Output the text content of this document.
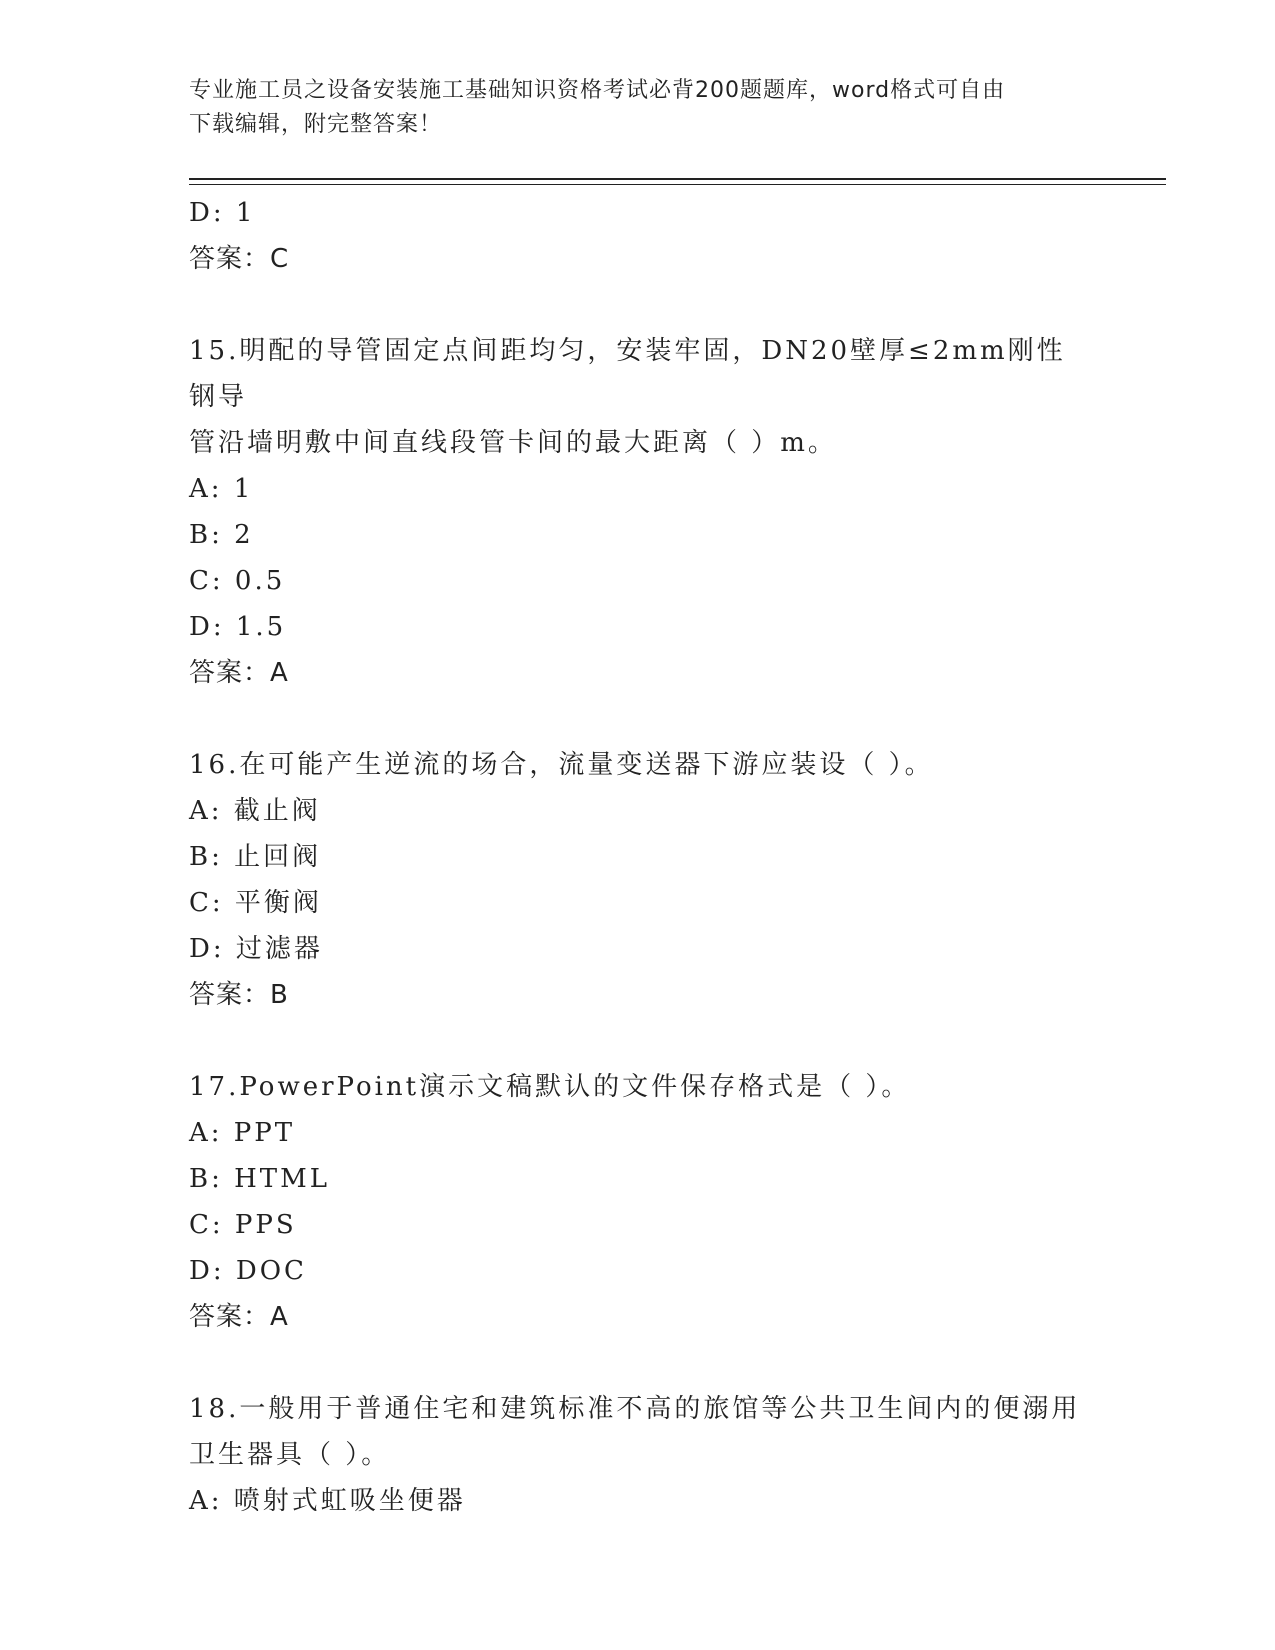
专业施工员之设备安装施工基础知识资格考试必背200题题库，word格式可自由
下载编辑，附完整答案！
D: 1
答案：C
15.明配的导管固定点间距均匀，安装牢固，DN20壁厚≤2mm刚性钢导
管沿墙明敷中间直线段管卡间的最大距离（ ）m。
A: 1
B: 2
C: 0.5
D: 1.5
答案：A
16.在可能产生逆流的场合，流量变送器下游应装设（ ）。
A: 截止阀
B: 止回阀
C: 平衡阀
D: 过滤器
答案：B
17.PowerPoint演示文稿默认的文件保存格式是（ ）。
A: PPT
B: HTML
C: PPS
D: DOC
答案：A
18.一般用于普通住宅和建筑标准不高的旅馆等公共卫生间内的便溺用
卫生器具（ ）。
A: 喷射式虹吸坐便器
